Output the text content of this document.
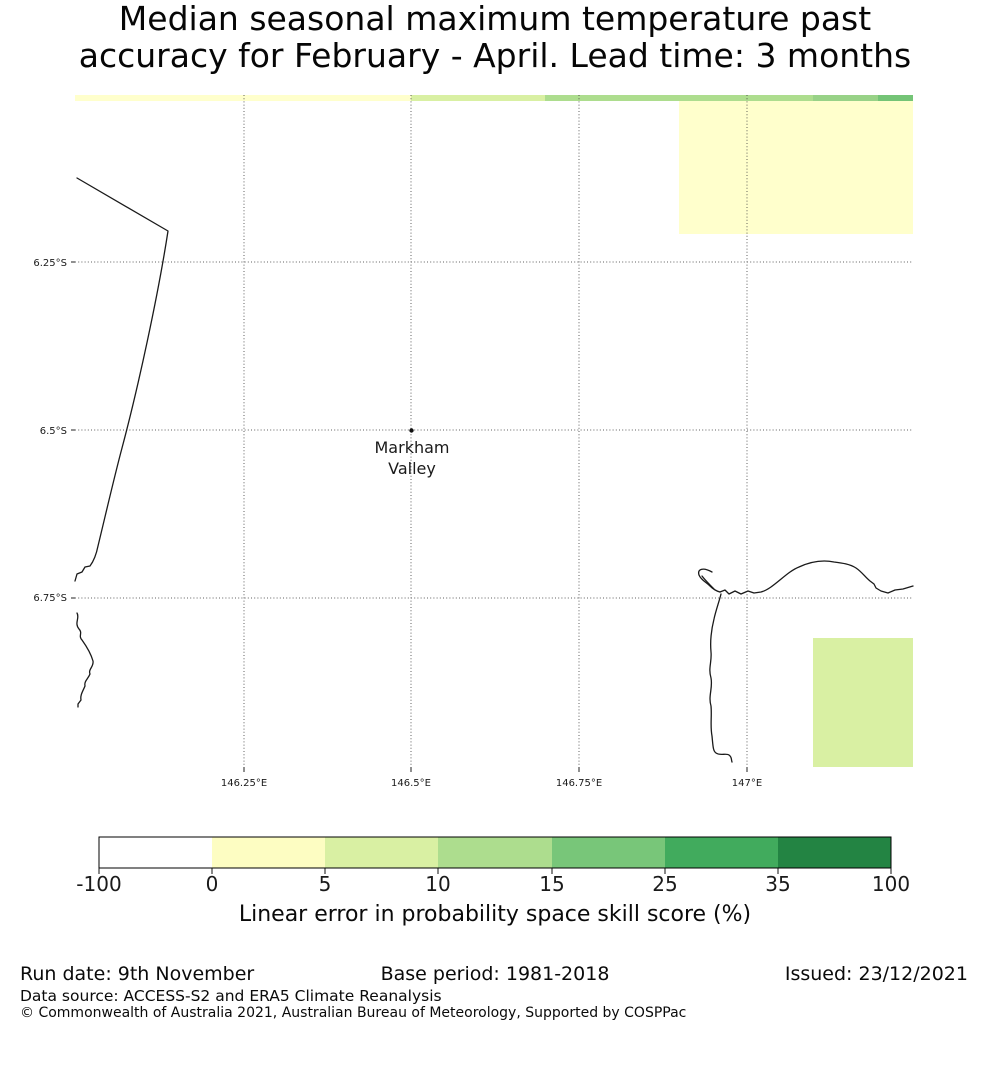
Median seasonal maximum temperature past
accuracy for February - April. Lead time: 3 months
Markham
Valley
6.25°S
6.5°S
6.75°S
146.25°E	146.5°E	146.75°E	147°E
-100	0	5	10	15	25	35	100
Linear error in probability space skill score (%)
Run date: 9th November	Base period: 1981-2018	Issued: 23/12/2021
Data source: ACCESS-S2 and ERA5 Climate Reanalysis
© Commonwealth of Australia 2021, Australian Bureau of Meteorology, Supported by COSPPac
